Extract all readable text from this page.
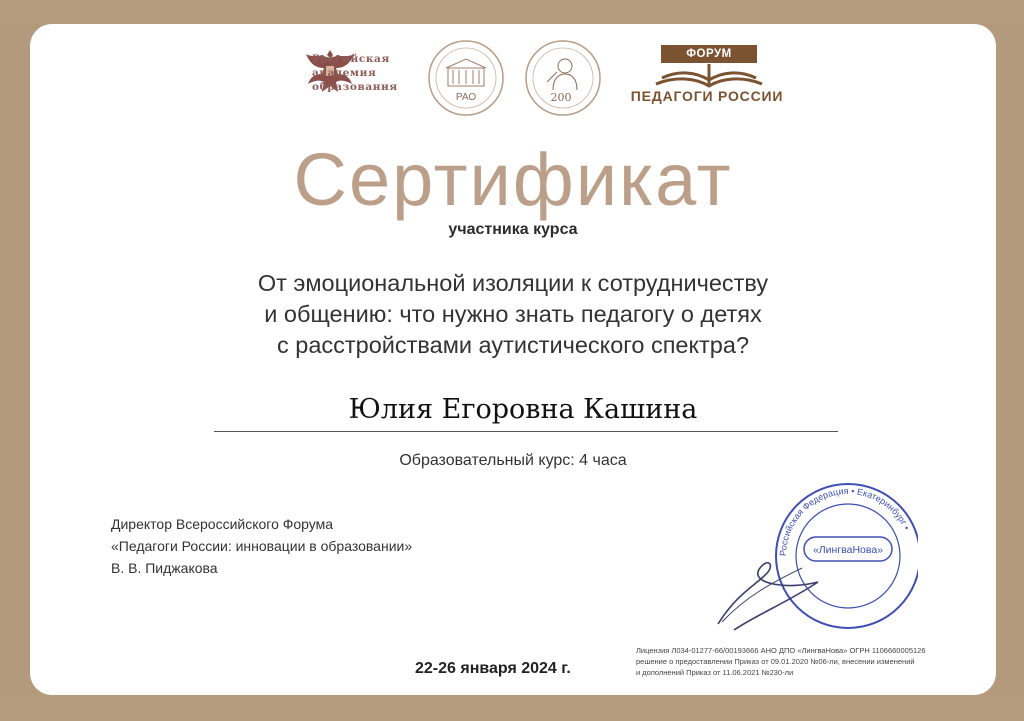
Российская
академия
образования
РАО	200
ФОРУМ
ПЕДАГОГИ РОССИИ
Сертификат
участника курса
От эмоциональной изоляции к сотрудничеству
и общению: что нужно знать педагогу о детях
с расстройствами аутистического спектра?
Юлия Егоровна Кашина
Образовательный курс: 4 часа
Директор Всероссийского Форума
«Педагоги России: инновации в образовании»
В. В. Пиджакова
Российская Федерация • Екатеринбург •
«ЛингваНова»
22-26 января 2024 г.
Лицензия Л034-01277-66/00193666 АНО ДПО «ЛингваНова» ОГРН 1106660005126
решение о предоставлении Приказ от 09.01.2020 №06-ли, внесении изменений
и дополнений Приказ от 11.06.2021 №230-ли
